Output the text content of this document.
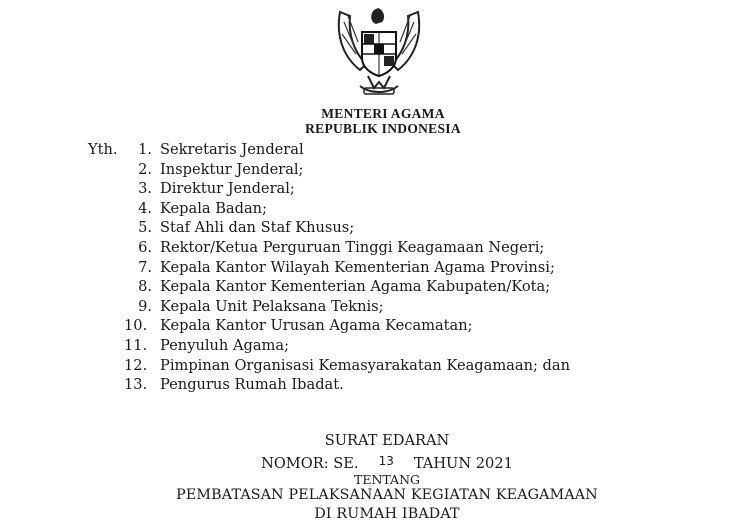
MENTERI AGAMA
REPUBLIK INDONESIA
Yth.	1. Sekretaris Jenderal
2. Inspektur Jenderal;
3. Direktur Jenderal;
4. Kepala Badan;
5. Staf Ahli dan Staf Khusus;
6. Rektor/Ketua Perguruan Tinggi Keagamaan Negeri;
7. Kepala Kantor Wilayah Kementerian Agama Provinsi;
8. Kepala Kantor Kementerian Agama Kabupaten/Kota;
9. Kepala Unit Pelaksana Teknis;
10. Kepala Kantor Urusan Agama Kecamatan;
11. Penyuluh Agama;
12. Pimpinan Organisasi Kemasyarakatan Keagamaan; dan
13. Pengurus Rumah Ibadat.
SURAT EDARAN
NOMOR: SE. $^{13}$ TAHUN 2021
TENTANG
PEMBATASAN PELAKSANAAN KEGIATAN KEAGAMAAN
DI RUMAH IBADAT
